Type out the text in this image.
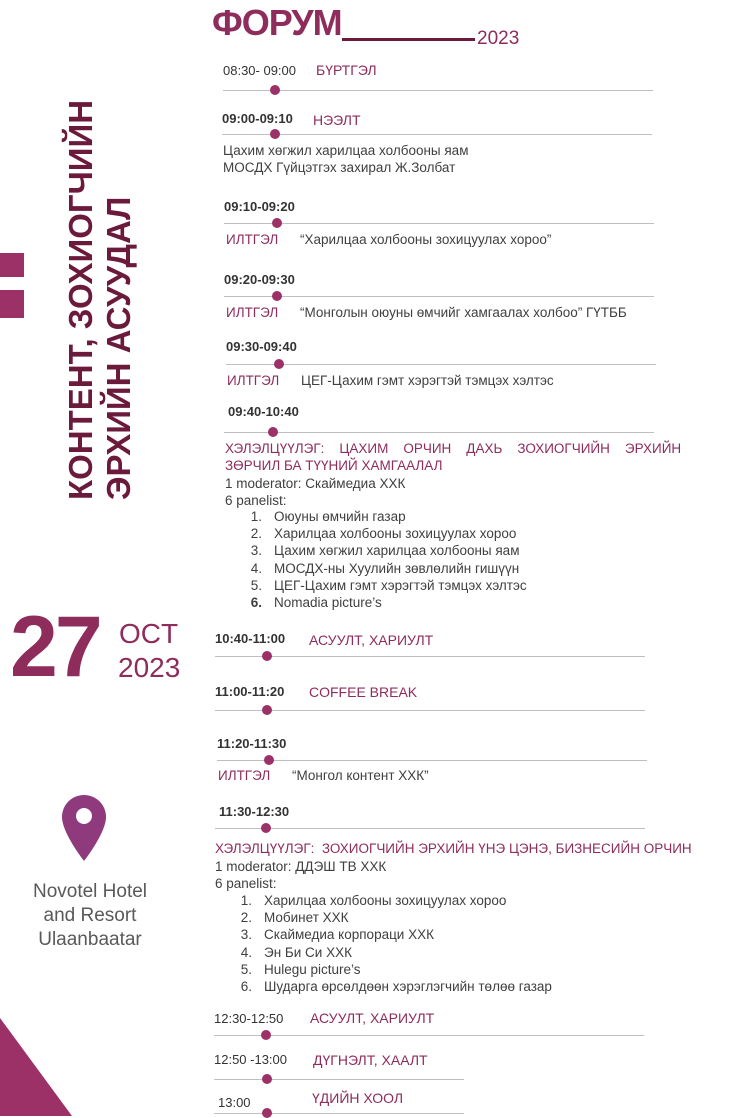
ФОРУМ	2023
КОНТЕНТ, ЗОХИОГЧИЙН ЭРХИЙН АСУУДАЛ
27 OCT
2023
Novotel Hotel
and Resort
Ulaanbaatar
08:30- 09:00 БҮРТГЭЛ
09:00-09:10 НЭЭЛТ
Цахим хөгжил харилцаа холбооны яам
МОСДХ Гүйцэтгэх захирал Ж.Золбат
09:10-09:20
ИЛТГЭЛ “Харилцаа холбооны зохицуулах хороо”
09:20-09:30
ИЛТГЭЛ “Монголын оюуны өмчийг хамгаалах холбоо” ГҮТББ
09:30-09:40
ИЛТГЭЛ ЦЕГ-Цахим гэмт хэрэгтэй тэмцэх хэлтэс
09:40-10:40
ХЭЛЭЛЦҮҮЛЭГ:    ЦАХИМ    ОРЧИН    ДАХЬ    ЗОХИОГЧИЙН    ЭРХИЙН
ЗӨРЧИЛ БА ТҮҮНИЙ ХАМГААЛАЛ
1 moderator: Скаймедиа ХХК
6 panelist:
1. Оюуны өмчийн газар
2. Харилцаа холбооны зохицуулах хороо
3. Цахим хөгжил харилцаа холбооны яам
4. МОСДХ-ны Хуулийн зөвлөлийн гишүүн
5. ЦЕГ-Цахим гэмт хэрэгтэй тэмцэх хэлтэс
6. Nomadia picture’s
10:40-11:00 АСУУЛТ, ХАРИУЛТ
11:00-11:20 COFFEE BREAK
11:20-11:30
ИЛТГЭЛ “Монгол контент ХХК”
11:30-12:30
ХЭЛЭЛЦҮҮЛЭГ:  ЗОХИОГЧИЙН ЭРХИЙН ҮНЭ ЦЭНЭ, БИЗНЕСИЙН ОРЧИН
1 moderator: ДДЭШ ТВ ХХК
6 panelist:
1. Харилцаа холбооны зохицуулах хороо
2. Мобинет ХХК
3. Скаймедиа корпораци ХХК
4. Эн Би Си ХХК
5. Hulegu picture’s
6. Шударга өрсөлдөөн хэрэглэгчийн төлөө газар
12:30-12:50 АСУУЛТ, ХАРИУЛТ
12:50 -13:00 ДҮГНЭЛТ, ХААЛТ
13:00	ҮДИЙН ХООЛ
